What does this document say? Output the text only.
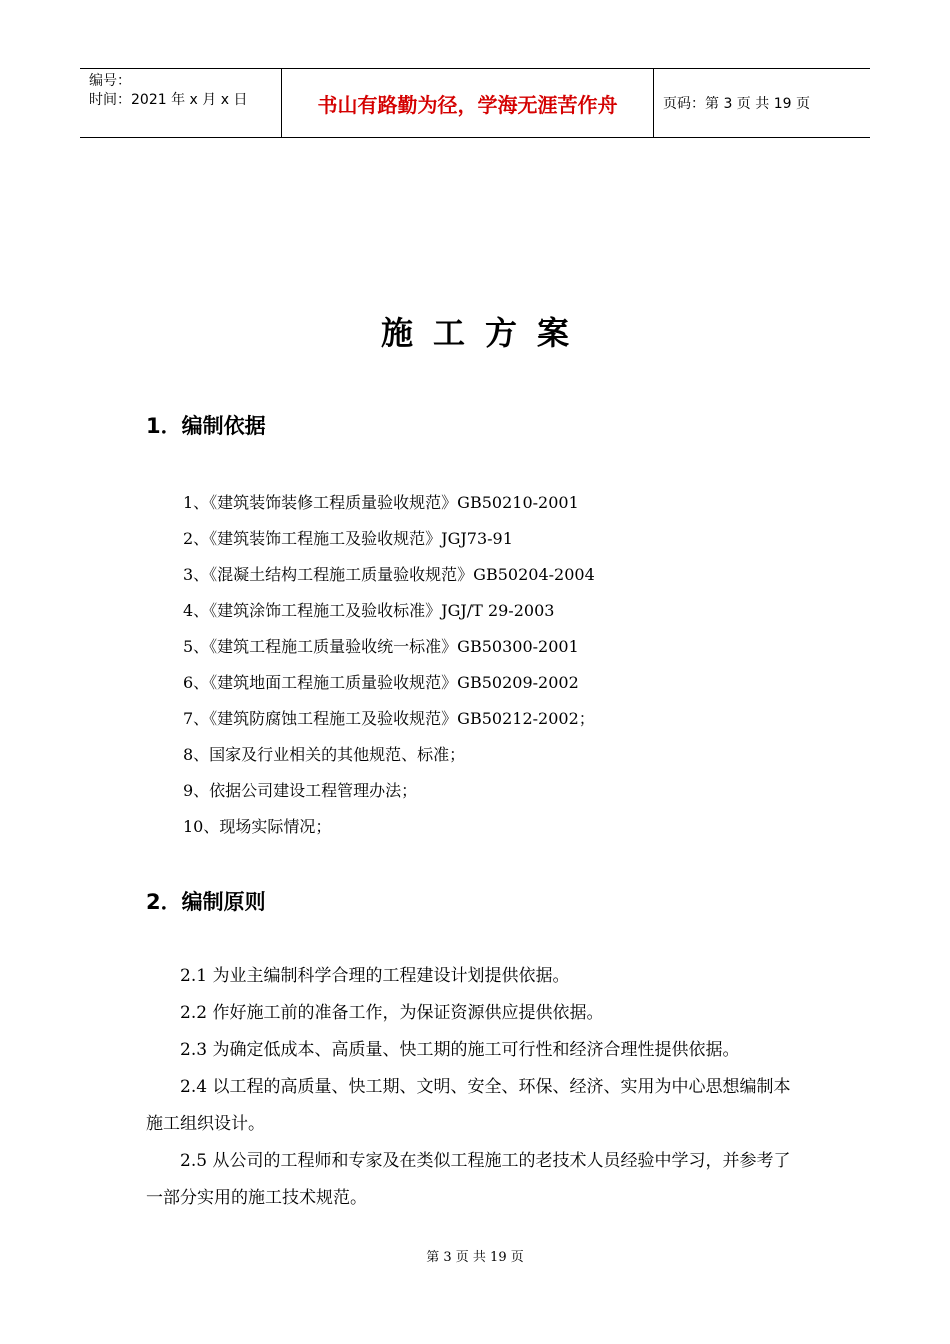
编号：
时间：2021 年 x 月 x 日	书山有路勤为径，学海无涯苦作舟	页码：第 3 页 共 19 页
施工方案
1．编制依据
1、《建筑装饰装修工程质量验收规范》GB50210-2001
2、《建筑装饰工程施工及验收规范》JGJ73-91
3、《混凝土结构工程施工质量验收规范》GB50204-2004
4、《建筑涂饰工程施工及验收标准》JGJ/T 29-2003
5、《建筑工程施工质量验收统一标准》GB50300-2001
6、《建筑地面工程施工质量验收规范》GB50209-2002
7、《建筑防腐蚀工程施工及验收规范》GB50212-2002；
8、国家及行业相关的其他规范、标准；
9、依据公司建设工程管理办法；
10、现场实际情况；
2．编制原则
2.1 为业主编制科学合理的工程建设计划提供依据。
2.2 作好施工前的准备工作，为保证资源供应提供依据。
2.3 为确定低成本、高质量、快工期的施工可行性和经济合理性提供依据。
2.4 以工程的高质量、快工期、文明、安全、环保、经济、实用为中心思想编制本施工组织设计。
2.5 从公司的工程师和专家及在类似工程施工的老技术人员经验中学习，并参考了一部分实用的施工技术规范。
第 3 页 共 19 页
